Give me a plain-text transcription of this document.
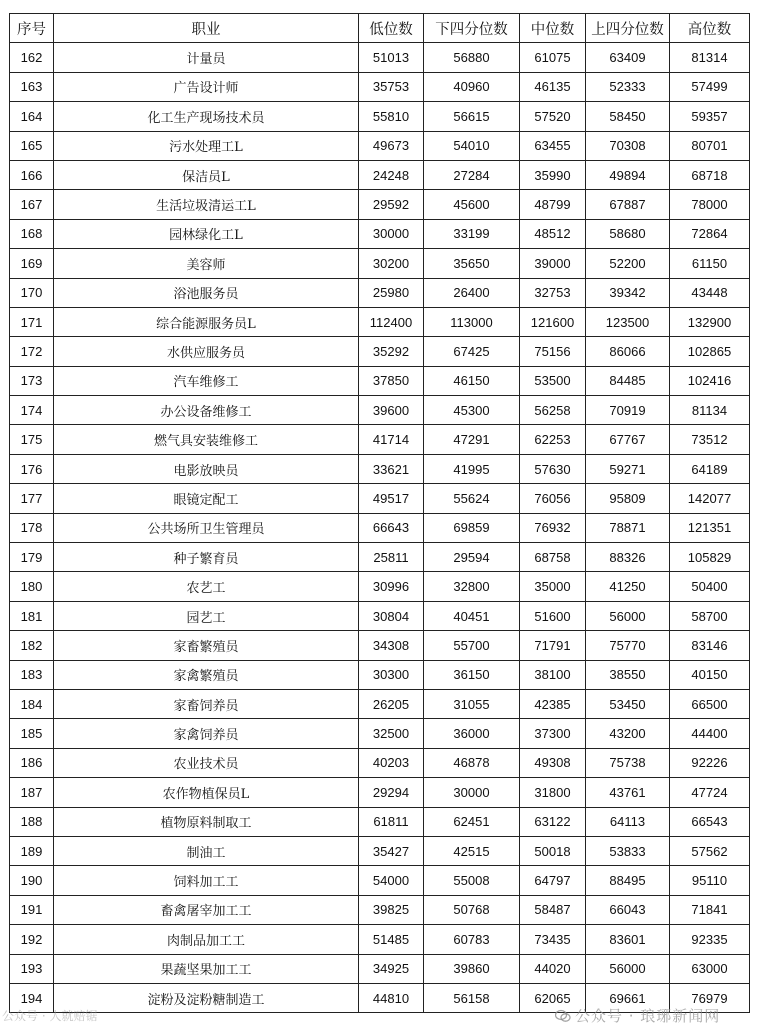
序号	职业	低位数	下四分位数	中位数	上四分位数	高位数
162	计量员	51013	56880	61075	63409	81314
163	广告设计师	35753	40960	46135	52333	57499
164	化工生产现场技术员	55810	56615	57520	58450	59357
165	污水处理工L	49673	54010	63455	70308	80701
166	保洁员L	24248	27284	35990	49894	68718
167	生活垃圾清运工L	29592	45600	48799	67887	78000
168	园林绿化工L	30000	33199	48512	58680	72864
169	美容师	30200	35650	39000	52200	61150
170	浴池服务员	25980	26400	32753	39342	43448
171	综合能源服务员L	112400	113000	121600	123500	132900
172	水供应服务员	35292	67425	75156	86066	102865
173	汽车维修工	37850	46150	53500	84485	102416
174	办公设备维修工	39600	45300	56258	70919	81134
175	燃气具安装维修工	41714	47291	62253	67767	73512
176	电影放映员	33621	41995	57630	59271	64189
177	眼镜定配工	49517	55624	76056	95809	142077
178	公共场所卫生管理员	66643	69859	76932	78871	121351
179	种子繁育员	25811	29594	68758	88326	105829
180	农艺工	30996	32800	35000	41250	50400
181	园艺工	30804	40451	51600	56000	58700
182	家畜繁殖员	34308	55700	71791	75770	83146
183	家禽繁殖员	30300	36150	38100	38550	40150
184	家畜饲养员	26205	31055	42385	53450	66500
185	家禽饲养员	32500	36000	37300	43200	44400
186	农业技术员	40203	46878	49308	75738	92226
187	农作物植保员L	29294	30000	31800	43761	47724
188	植物原料制取工	61811	62451	63122	64113	66543
189	制油工	35427	42515	50018	53833	57562
190	饲料加工工	54000	55008	64797	88495	95110
191	畜禽屠宰加工工	39825	50768	58487	66043	71841
192	肉制品加工工	51485	60783	73435	83601	92335
193	果蔬坚果加工工	34925	39860	44020	56000	63000
194	淀粉及淀粉糖制造工	44810	56158	62065	69661	76979
公众号 · 人就赔锯	公众号 · 琅琊新闻网
